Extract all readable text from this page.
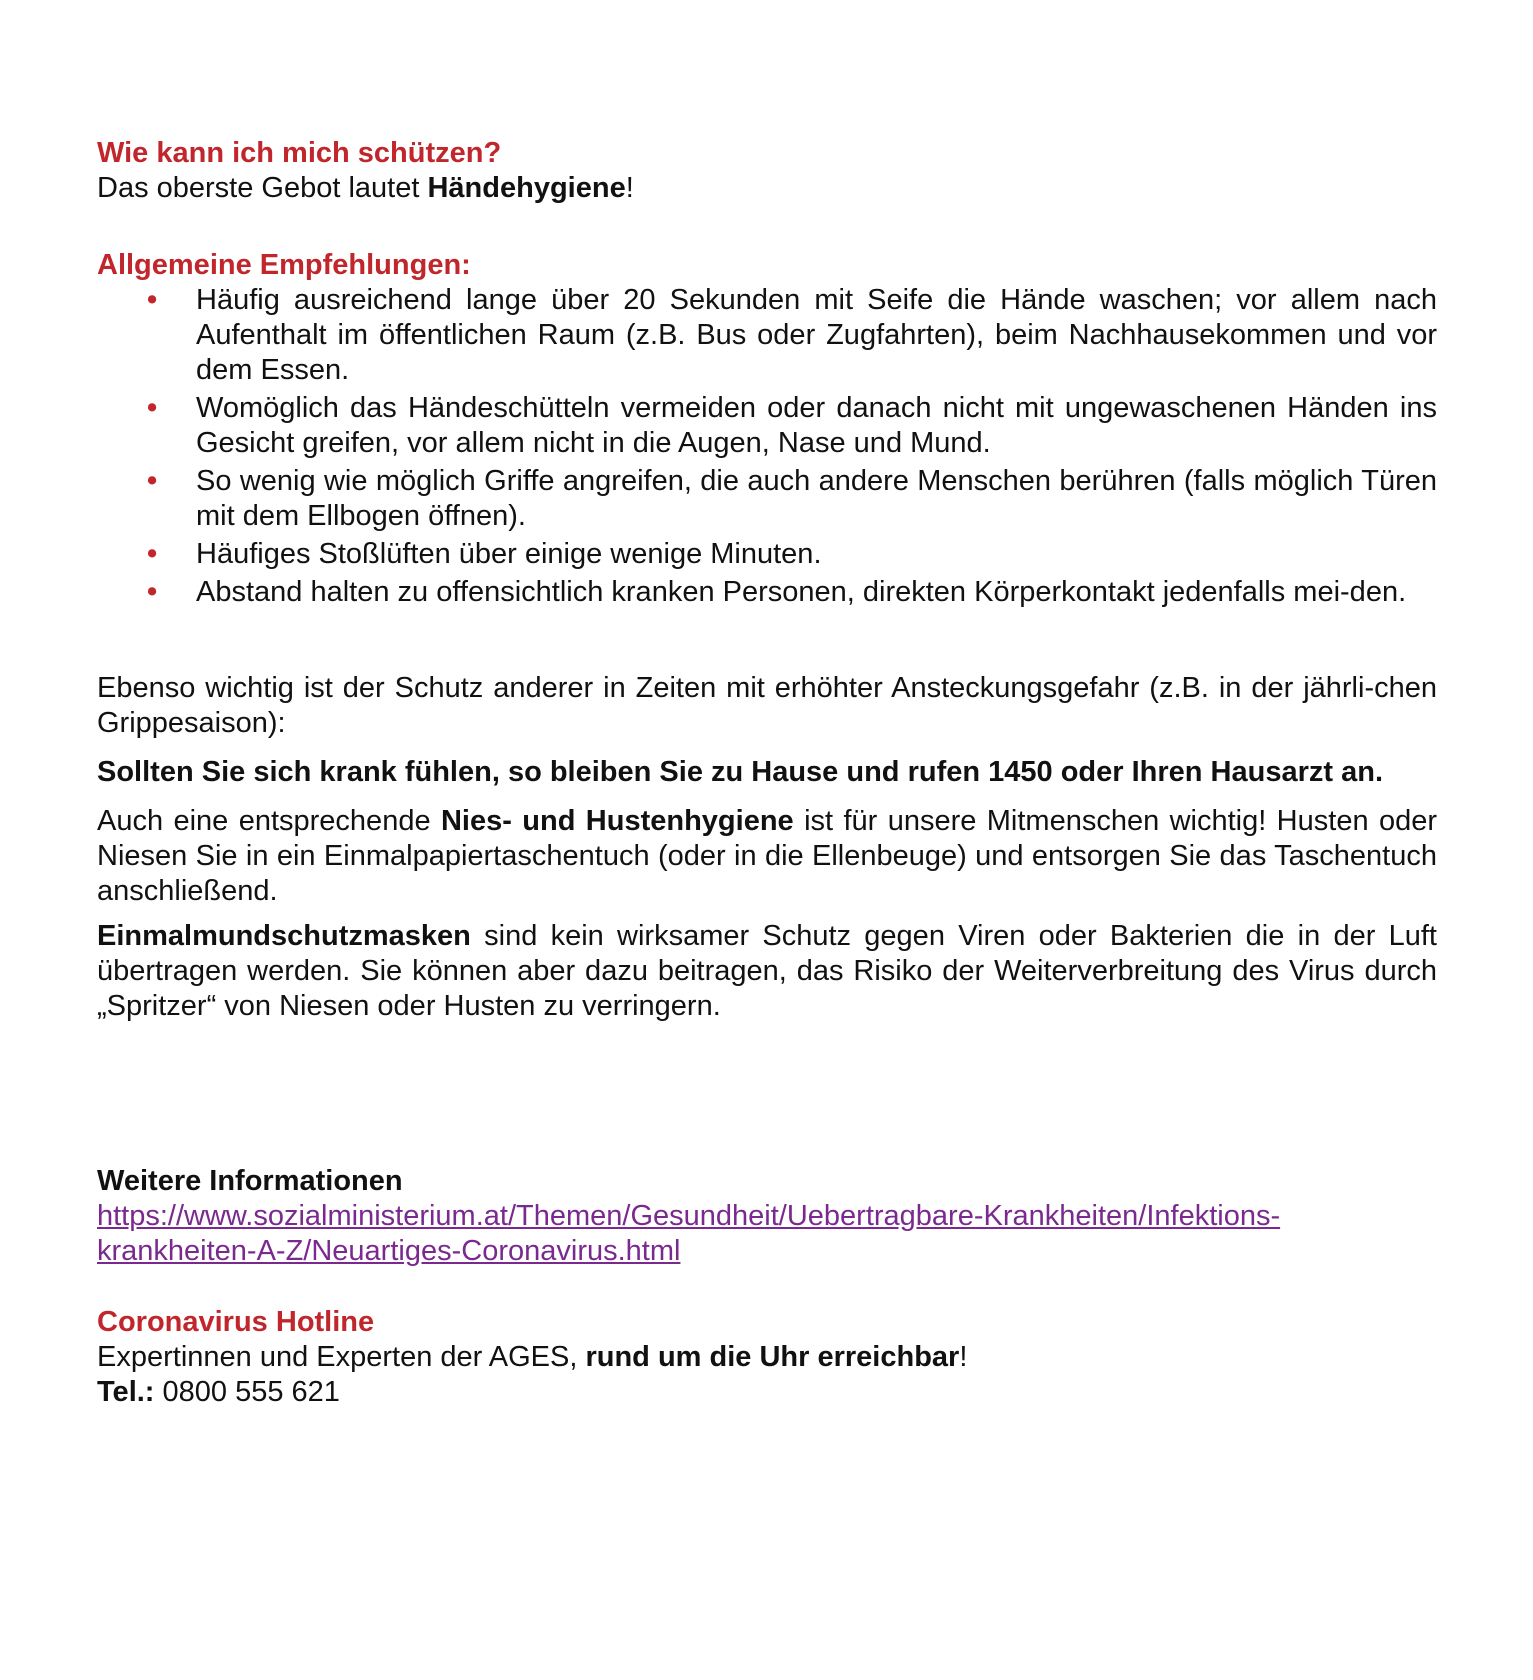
Wie kann ich mich schützen?

Das oberste Gebot lautet Händehygiene!

Allgemeine Empfehlungen:
• Häufig ausreichend lange über 20 Sekunden mit Seife die Hände waschen; vor allem nach Aufenthalt im öffentlichen Raum (z.B. Bus oder Zugfahrten), beim Nachhausekommen und vor dem Essen.
• Womöglich das Händeschütteln vermeiden oder danach nicht mit ungewaschenen Händen ins Gesicht greifen, vor allem nicht in die Augen, Nase und Mund.
• So wenig wie möglich Griffe angreifen, die auch andere Menschen berühren (falls möglich Türen mit dem Ellbogen öffnen).
• Häufiges Stoßlüften über einige wenige Minuten.
• Abstand halten zu offensichtlich kranken Personen, direkten Körperkontakt jedenfalls mei-den.

Ebenso wichtig ist der Schutz anderer in Zeiten mit erhöhter Ansteckungsgefahr (z.B. in der jährli-chen Grippesaison):

Sollten Sie sich krank fühlen, so bleiben Sie zu Hause und rufen 1450 oder Ihren Hausarzt an.

Auch eine entsprechende Nies- und Hustenhygiene ist für unsere Mitmenschen wichtig! Husten oder Niesen Sie in ein Einmalpapiertaschentuch (oder in die Ellenbeuge) und entsorgen Sie das Taschentuch anschließend.

Einmalmundschutzmasken sind kein wirksamer Schutz gegen Viren oder Bakterien die in der Luft übertragen werden. Sie können aber dazu beitragen, das Risiko der Weiterverbreitung des Virus durch „Spritzer“ von Niesen oder Husten zu verringern.

Weitere Informationen

https://www.sozialministerium.at/Themen/Gesundheit/Uebertragbare-Krankheiten/Infektions-
krankheiten-A-Z/Neuartiges-Coronavirus.html

Coronavirus Hotline

Expertinnen und Experten der AGES, rund um die Uhr erreichbar!

Tel.: 0800 555 621
